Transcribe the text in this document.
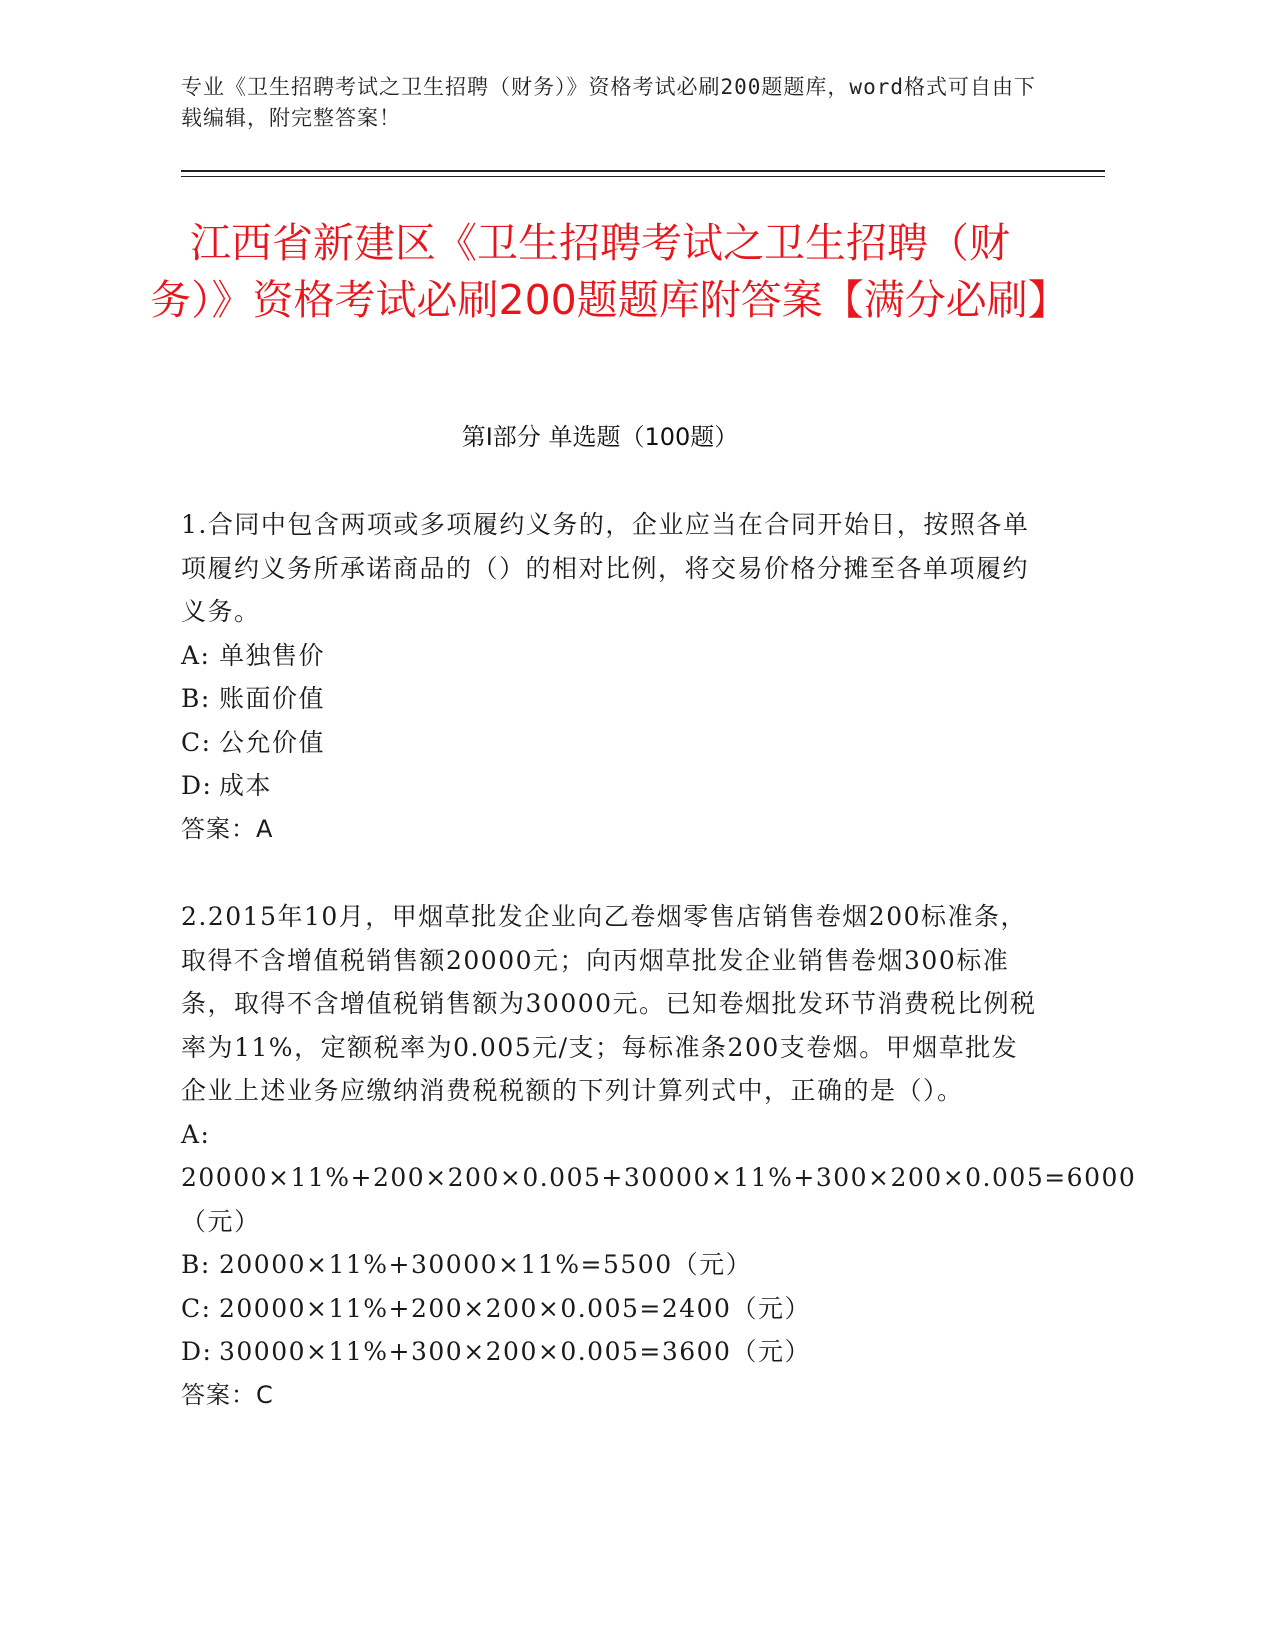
专业《卫生招聘考试之卫生招聘（财务）》资格考试必刷200题题库，word格式可自由下载编辑，附完整答案！
江西省新建区《卫生招聘考试之卫生招聘（财务）》资格考试必刷200题题库附答案【满分必刷】
第I部分 单选题（100题）

1.合同中包含两项或多项履约义务的，企业应当在合同开始日，按照各单项履约义务所承诺商品的（）的相对比例，将交易价格分摊至各单项履约义务。

A: 单独售价

B: 账面价值

C: 公允价值

D: 成本

答案：A

2.2015年10月，甲烟草批发企业向乙卷烟零售店销售卷烟200标准条，取得不含增值税销售额20000元；向丙烟草批发企业销售卷烟300标准条，取得不含增值税销售额为30000元。已知卷烟批发环节消费税比例税率为11%，定额税率为0.005元/支；每标准条200支卷烟。甲烟草批发企业上述业务应缴纳消费税税额的下列计算列式中，正确的是（）。

A:20000×11%+200×200×0.005+30000×11%+300×200×0.005=6000（元）

B: 20000×11%+30000×11%=5500（元）

C: 20000×11%+200×200×0.005=2400（元）

D: 30000×11%+300×200×0.005=3600（元）

答案：C
